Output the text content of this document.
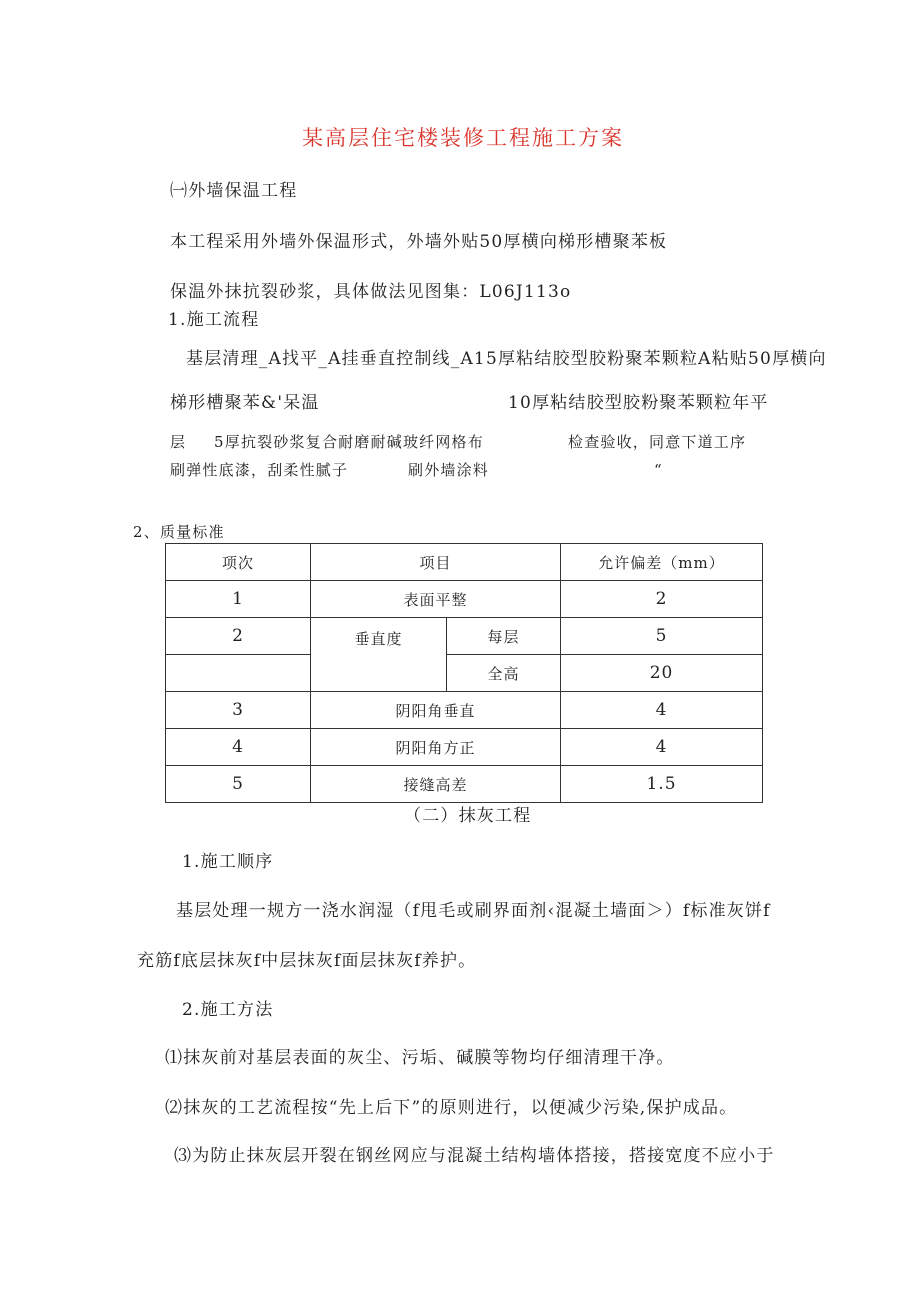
某高层住宅楼装修工程施工方案
㈠外墙保温工程
本工程采用外墙外保温形式，外墙外贴50厚横向梯形槽聚苯板
保温外抹抗裂砂浆，具体做法见图集：L06J113o
1.施工流程
基层清理_A找平_A挂垂直控制线_A15厚粘结胶型胶粉聚苯颗粒A粘贴50厚横向
梯形槽聚苯&'呆温	10厚粘结胶型胶粉聚苯颗粒年平
层 5厚抗裂砂浆复合耐磨耐碱玻纤网格布	检查验收，同意下道工序
刷弹性底漆，刮柔性腻子	刷外墙涂料	“
2、质量标准
项次	项目		允许偏差（mm）
1	表面平整		2
2	垂直度	每层	5
		全高	20
3	阴阳角垂直		4
4	阴阳角方正		4
5	接缝高差		1.5
（二）抹灰工程
1.施工顺序
基层处理一规方一浇水润湿（f甩毛或刷界面剂‹混凝土墙面＞）f标准灰饼f
充筋f底层抹灰f中层抹灰f面层抹灰f养护。
2.施工方法
⑴抹灰前对基层表面的灰尘、污垢、碱膜等物均仔细清理干净。
⑵抹灰的工艺流程按“先上后下”的原则进行，以便减少污染,保护成品。
⑶为防止抹灰层开裂在钢丝网应与混凝土结构墙体搭接，搭接宽度不应小于
